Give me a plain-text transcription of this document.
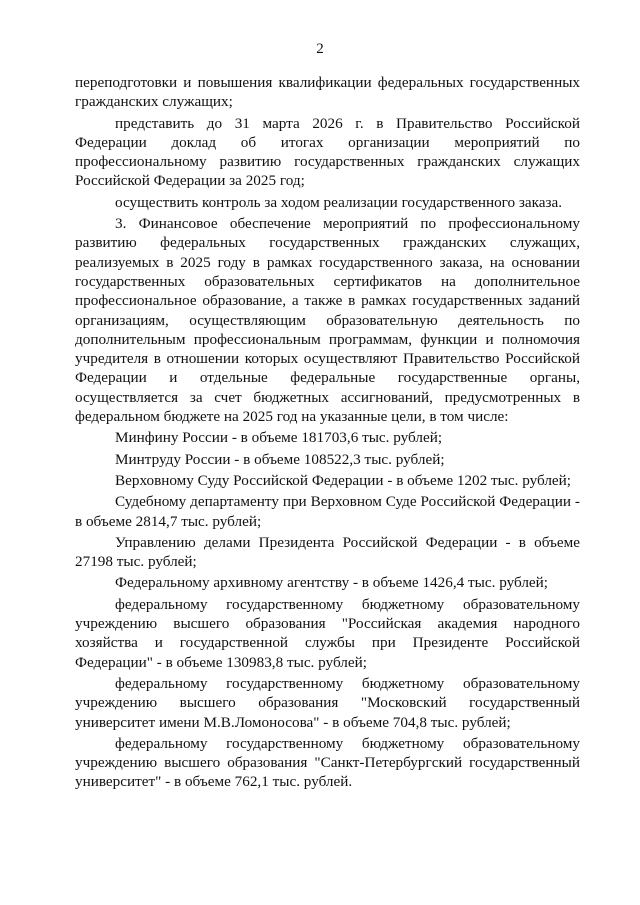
2

переподготовки и повышения квалификации федеральных государственных гражданских служащих;

представить до 31 марта 2026 г. в Правительство Российской Федерации доклад об итогах организации мероприятий по профессиональному развитию государственных гражданских служащих Российской Федерации за 2025 год;

осуществить контроль за ходом реализации государственного заказа.

3. Финансовое обеспечение мероприятий по профессиональному развитию федеральных государственных гражданских служащих, реализуемых в 2025 году в рамках государственного заказа, на основании государственных образовательных сертификатов на дополнительное профессиональное образование, а также в рамках государственных заданий организациям, осуществляющим образовательную деятельность по дополнительным профессиональным программам, функции и полномочия учредителя в отношении которых осуществляют Правительство Российской Федерации и отдельные федеральные государственные органы, осуществляется за счет бюджетных ассигнований, предусмотренных в федеральном бюджете на 2025 год на указанные цели, в том числе:

Минфину России - в объеме 181703,6 тыс. рублей;

Минтруду России - в объеме 108522,3 тыс. рублей;

Верховному Суду Российской Федерации - в объеме 1202 тыс. рублей;

Судебному департаменту при Верховном Суде Российской Федерации - в объеме 2814,7 тыс. рублей;

Управлению делами Президента Российской Федерации - в объеме 27198 тыс. рублей;

Федеральному архивному агентству - в объеме 1426,4 тыс. рублей;

федеральному государственному бюджетному образовательному учреждению высшего образования "Российская академия народного хозяйства и государственной службы при Президенте Российской Федерации" - в объеме 130983,8 тыс. рублей;

федеральному государственному бюджетному образовательному учреждению высшего образования "Московский государственный университет имени М.В.Ломоносова" - в объеме 704,8 тыс. рублей;

федеральному государственному бюджетному образовательному учреждению высшего образования "Санкт-Петербургский государственный университет" - в объеме 762,1 тыс. рублей.
